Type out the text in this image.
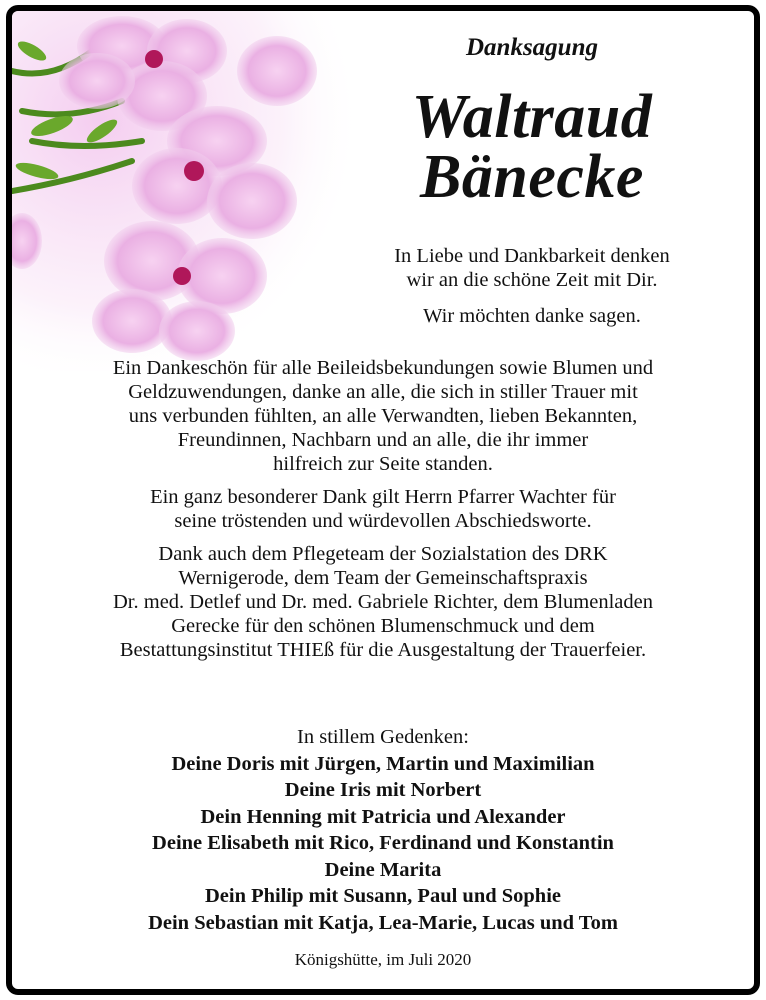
Danksagung

Waltraud
Bänecke

In Liebe und Dankbarkeit denken

wir an die schöne Zeit mit Dir.

Wir möchten danke sagen.

Ein Dankeschön für alle Beileidsbekundungen sowie Blumen und
Geldzuwendungen, danke an alle, die sich in stiller Trauer mit
uns verbunden fühlten, an alle Verwandten, lieben Bekannten,
Freundinnen, Nachbarn und an alle, die ihr immer
hilfreich zur Seite standen.

Ein ganz besonderer Dank gilt Herrn Pfarrer Wachter für
seine tröstenden und würdevollen Abschiedsworte.

Dank auch dem Pflegeteam der Sozialstation des DRK
Wernigerode, dem Team der Gemeinschaftspraxis
Dr. med. Detlef und Dr. med. Gabriele Richter, dem Blumenladen
Gerecke für den schönen Blumenschmuck und dem
Bestattungsinstitut THIEß für die Ausgestaltung der Trauerfeier.

In stillem Gedenken:

Deine Doris mit Jürgen, Martin und Maximilian

Deine Iris mit Norbert

Dein Henning mit Patricia und Alexander

Deine Elisabeth mit Rico, Ferdinand und Konstantin

Deine Marita

Dein Philip mit Susann, Paul und Sophie

Dein Sebastian mit Katja, Lea-Marie, Lucas und Tom

Königshütte, im Juli 2020
